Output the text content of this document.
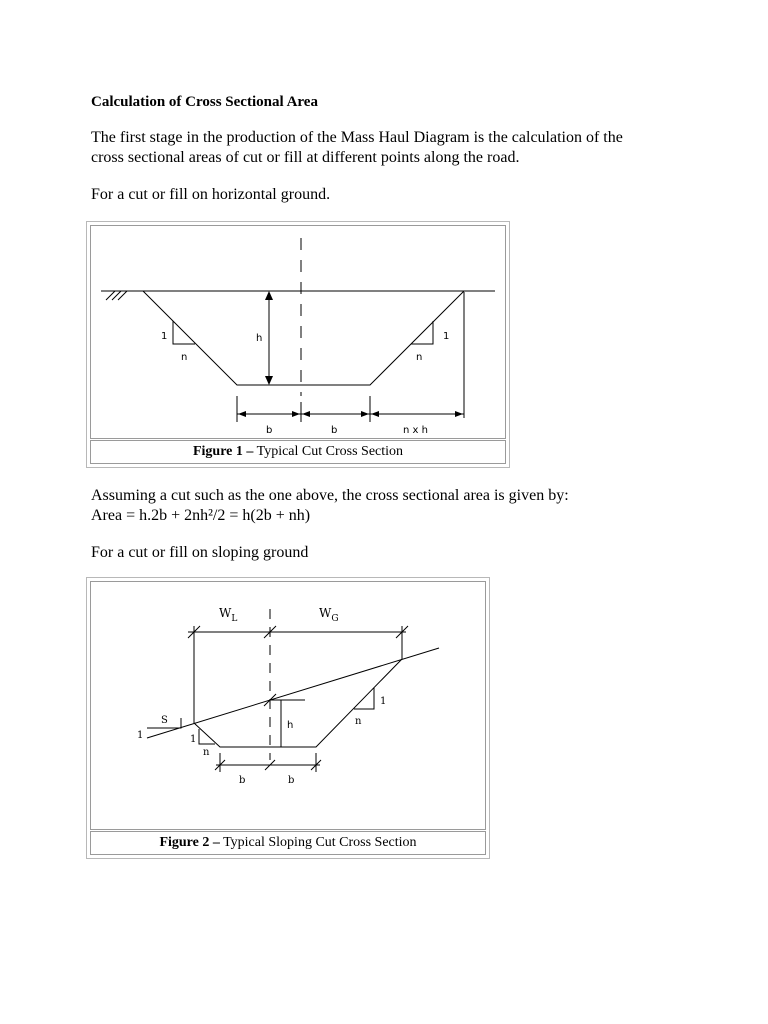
Calculation of Cross Sectional Area

The first stage in the production of the Mass Haul Diagram is the calculation of the

cross sectional areas of cut or fill at different points along the road.

For a cut or fill on horizontal ground.

h
1
n
1
n
b	b	n x h
Figure 1 – Typical Cut Cross Section

Assuming a cut such as the one above, the cross sectional area is given by:

Area = h.2b + 2nh²/2 = h(2b + nh)

For a cut or fill on sloping ground

$W_L$	$W_G$
h
S
1	1
n
1
n
b	b
Figure 2 – Typical Sloping Cut Cross Section
